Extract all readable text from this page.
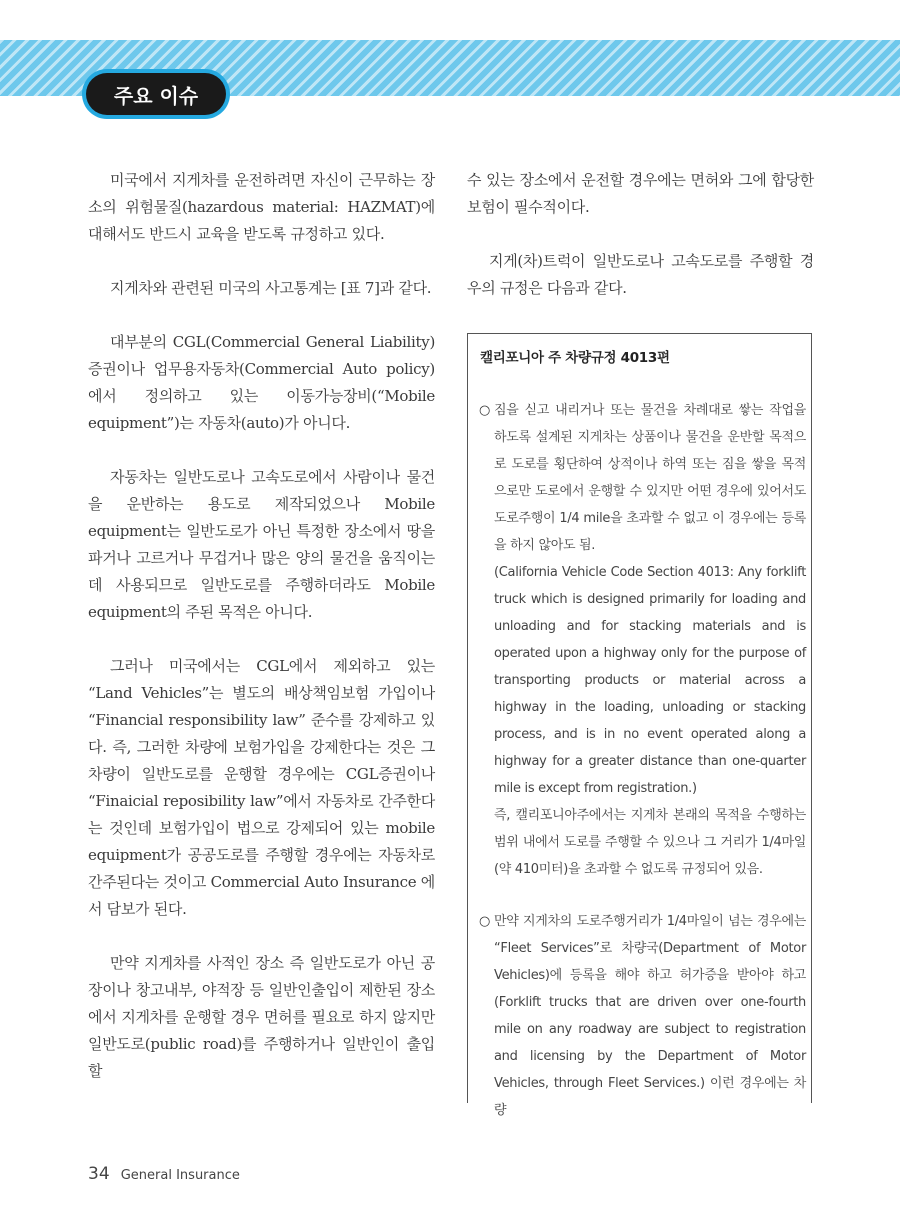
주요 이슈

미국에서 지게차를 운전하려면 자신이 근무하는 장소의 위험물질(hazardous material: HAZMAT)에 대해서도 반드시 교육을 받도록 규정하고 있다.

지게차와 관련된 미국의 사고통계는 [표 7]과 같다.

대부분의 CGL(Commercial General Liability)증권이나 업무용자동차(Commercial Auto policy)에서 정의하고 있는 이동가능장비(“Mobile equipment”)는 자동차(auto)가 아니다.

자동차는 일반도로나 고속도로에서 사람이나 물건을 운반하는 용도로 제작되었으나 Mobile equipment는 일반도로가 아닌 특정한 장소에서 땅을 파거나 고르거나 무겁거나 많은 양의 물건을 움직이는데 사용되므로 일반도로를 주행하더라도 Mobile equipment의 주된 목적은 아니다.

그러나 미국에서는 CGL에서 제외하고 있는 “Land Vehicles”는 별도의 배상책임보험 가입이나 “Financial responsibility law” 준수를 강제하고 있다. 즉, 그러한 차량에 보험가입을 강제한다는 것은 그 차량이 일반도로를 운행할 경우에는 CGL증권이나 “Finaicial reposibility law”에서 자동차로 간주한다는 것인데 보험가입이 법으로 강제되어 있는 mobile equipment가 공공도로를 주행할 경우에는 자동차로 간주된다는 것이고 Commercial Auto Insurance 에서 담보가 된다.

만약 지게차를 사적인 장소 즉 일반도로가 아닌 공장이나 창고내부, 야적장 등 일반인출입이 제한된 장소에서 지게차를 운행할 경우 면허를 필요로 하지 않지만 일반도로(public road)를 주행하거나 일반인이 출입할

수 있는 장소에서 운전할 경우에는 면허와 그에 합당한 보험이 필수적이다.

지게(차)트럭이 일반도로나 고속도로를 주행할 경우의 규정은 다음과 같다.

캘리포니아 주 차량규정 4013편
○ 짐을 싣고 내리거나 또는 물건을 차례대로 쌓는 작업을 하도록 설계된 지게차는 상품이나 물건을 운반할 목적으로 도로를 횡단하여 상적이나 하역 또는 짐을 쌓을 목적으로만 도로에서 운행할 수 있지만 어떤 경우에 있어서도 도로주행이 1/4 mile을 초과할 수 없고 이 경우에는 등록을 하지 않아도 됨.

(California Vehicle Code Section 4013: Any forklift truck which is designed primarily for loading and unloading and for stacking materials and is operated upon a highway only for the purpose of transporting products or material across a highway in the loading, unloading or stacking process, and is in no event operated along a highway for a greater distance than one-quarter mile is except from registration.)

즉, 캘리포니아주에서는 지게차 본래의 목적을 수행하는 범위 내에서 도로를 주행할 수 있으나 그 거리가 1/4마일(약 410미터)을 초과할 수 없도록 규정되어 있음.

○ 만약 지게차의 도로주행거리가 1/4마일이 넘는 경우에는 “Fleet Services”로 차량국(Department of Motor Vehicles)에 등록을 해야 하고 허가증을 받아야 하고 (Forklift trucks that are driven over one-fourth mile on any roadway are subject to registration and licensing by the Department of Motor Vehicles, through Fleet Services.) 이런 경우에는 차량

34 General Insurance
